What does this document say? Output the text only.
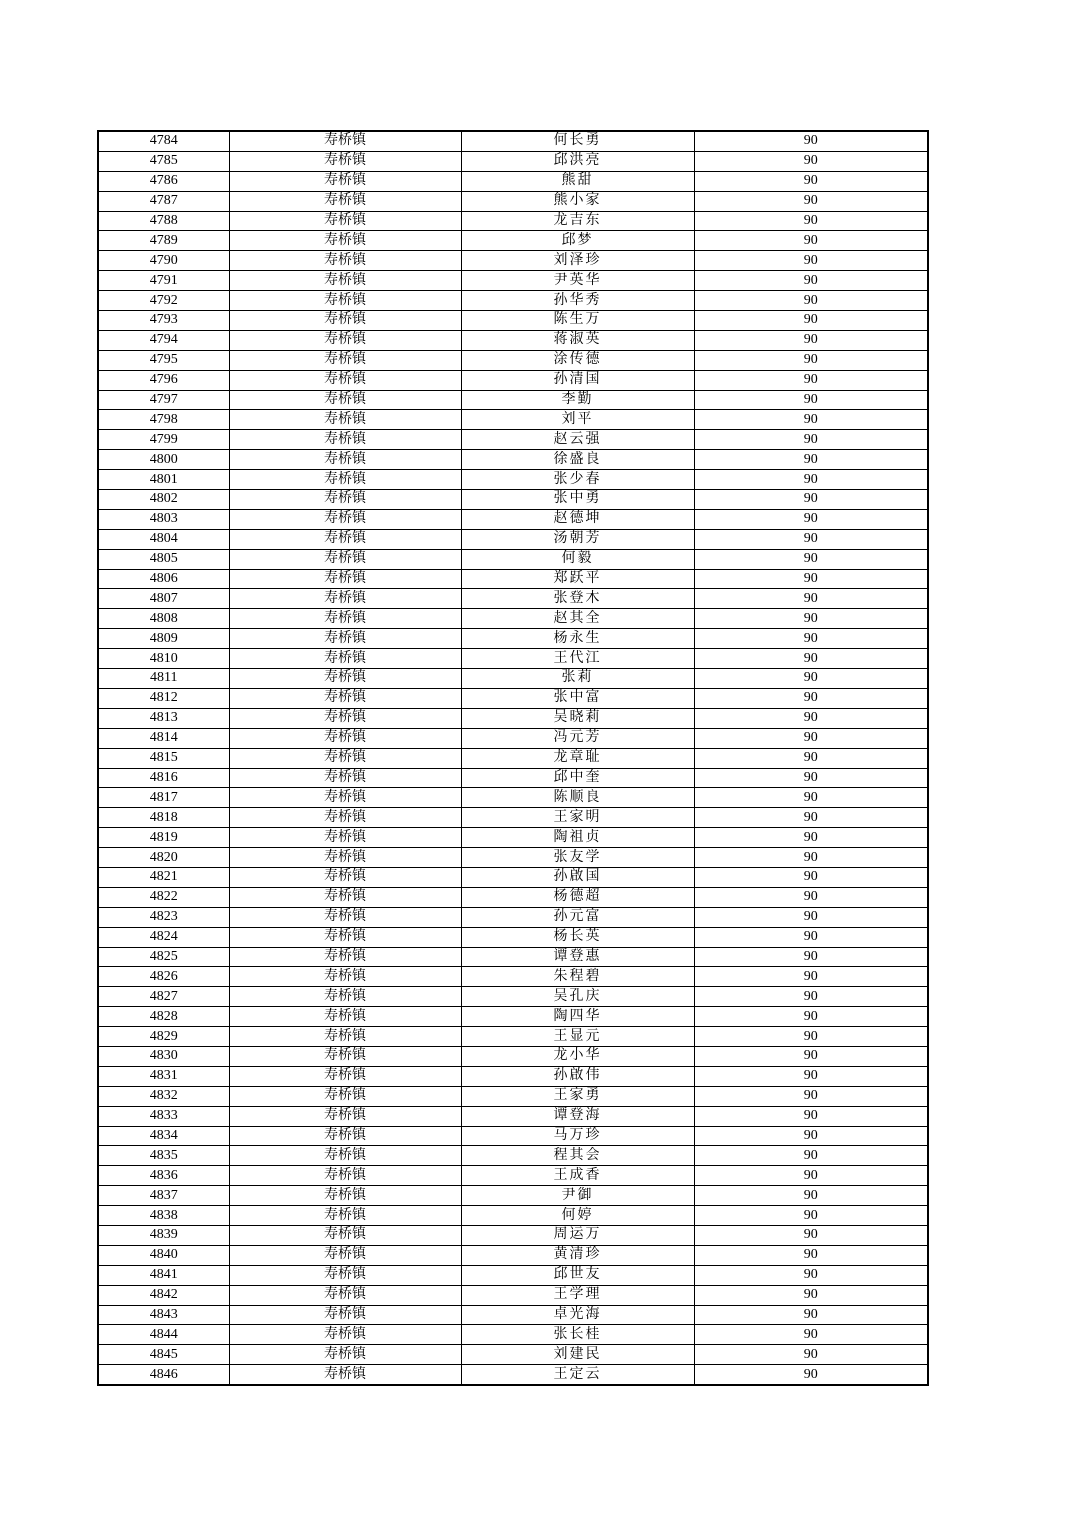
4784	寿桥镇	何长勇	90
4785	寿桥镇	邱洪亮	90
4786	寿桥镇	熊甜	90
4787	寿桥镇	熊小家	90
4788	寿桥镇	龙吉东	90
4789	寿桥镇	邱梦	90
4790	寿桥镇	刘泽珍	90
4791	寿桥镇	尹英华	90
4792	寿桥镇	孙华秀	90
4793	寿桥镇	陈生万	90
4794	寿桥镇	蒋淑英	90
4795	寿桥镇	涂传德	90
4796	寿桥镇	孙清国	90
4797	寿桥镇	李勤	90
4798	寿桥镇	刘平	90
4799	寿桥镇	赵云强	90
4800	寿桥镇	徐盛良	90
4801	寿桥镇	张少春	90
4802	寿桥镇	张中勇	90
4803	寿桥镇	赵德坤	90
4804	寿桥镇	汤朝芳	90
4805	寿桥镇	何毅	90
4806	寿桥镇	郑跃平	90
4807	寿桥镇	张登木	90
4808	寿桥镇	赵其全	90
4809	寿桥镇	杨永生	90
4810	寿桥镇	王代江	90
4811	寿桥镇	张莉	90
4812	寿桥镇	张中富	90
4813	寿桥镇	吴晓莉	90
4814	寿桥镇	冯元芳	90
4815	寿桥镇	龙章耻	90
4816	寿桥镇	邱中奎	90
4817	寿桥镇	陈顺良	90
4818	寿桥镇	王家明	90
4819	寿桥镇	陶祖贞	90
4820	寿桥镇	张友学	90
4821	寿桥镇	孙啟国	90
4822	寿桥镇	杨德超	90
4823	寿桥镇	孙元富	90
4824	寿桥镇	杨长英	90
4825	寿桥镇	谭登惠	90
4826	寿桥镇	朱程碧	90
4827	寿桥镇	吴孔庆	90
4828	寿桥镇	陶四华	90
4829	寿桥镇	王显元	90
4830	寿桥镇	龙小华	90
4831	寿桥镇	孙啟伟	90
4832	寿桥镇	王家勇	90
4833	寿桥镇	谭登海	90
4834	寿桥镇	马万珍	90
4835	寿桥镇	程其会	90
4836	寿桥镇	王成香	90
4837	寿桥镇	尹御	90
4838	寿桥镇	何婷	90
4839	寿桥镇	周运万	90
4840	寿桥镇	黄清珍	90
4841	寿桥镇	邱世友	90
4842	寿桥镇	王学理	90
4843	寿桥镇	卓光海	90
4844	寿桥镇	张长桂	90
4845	寿桥镇	刘建民	90
4846	寿桥镇	王定云	90
